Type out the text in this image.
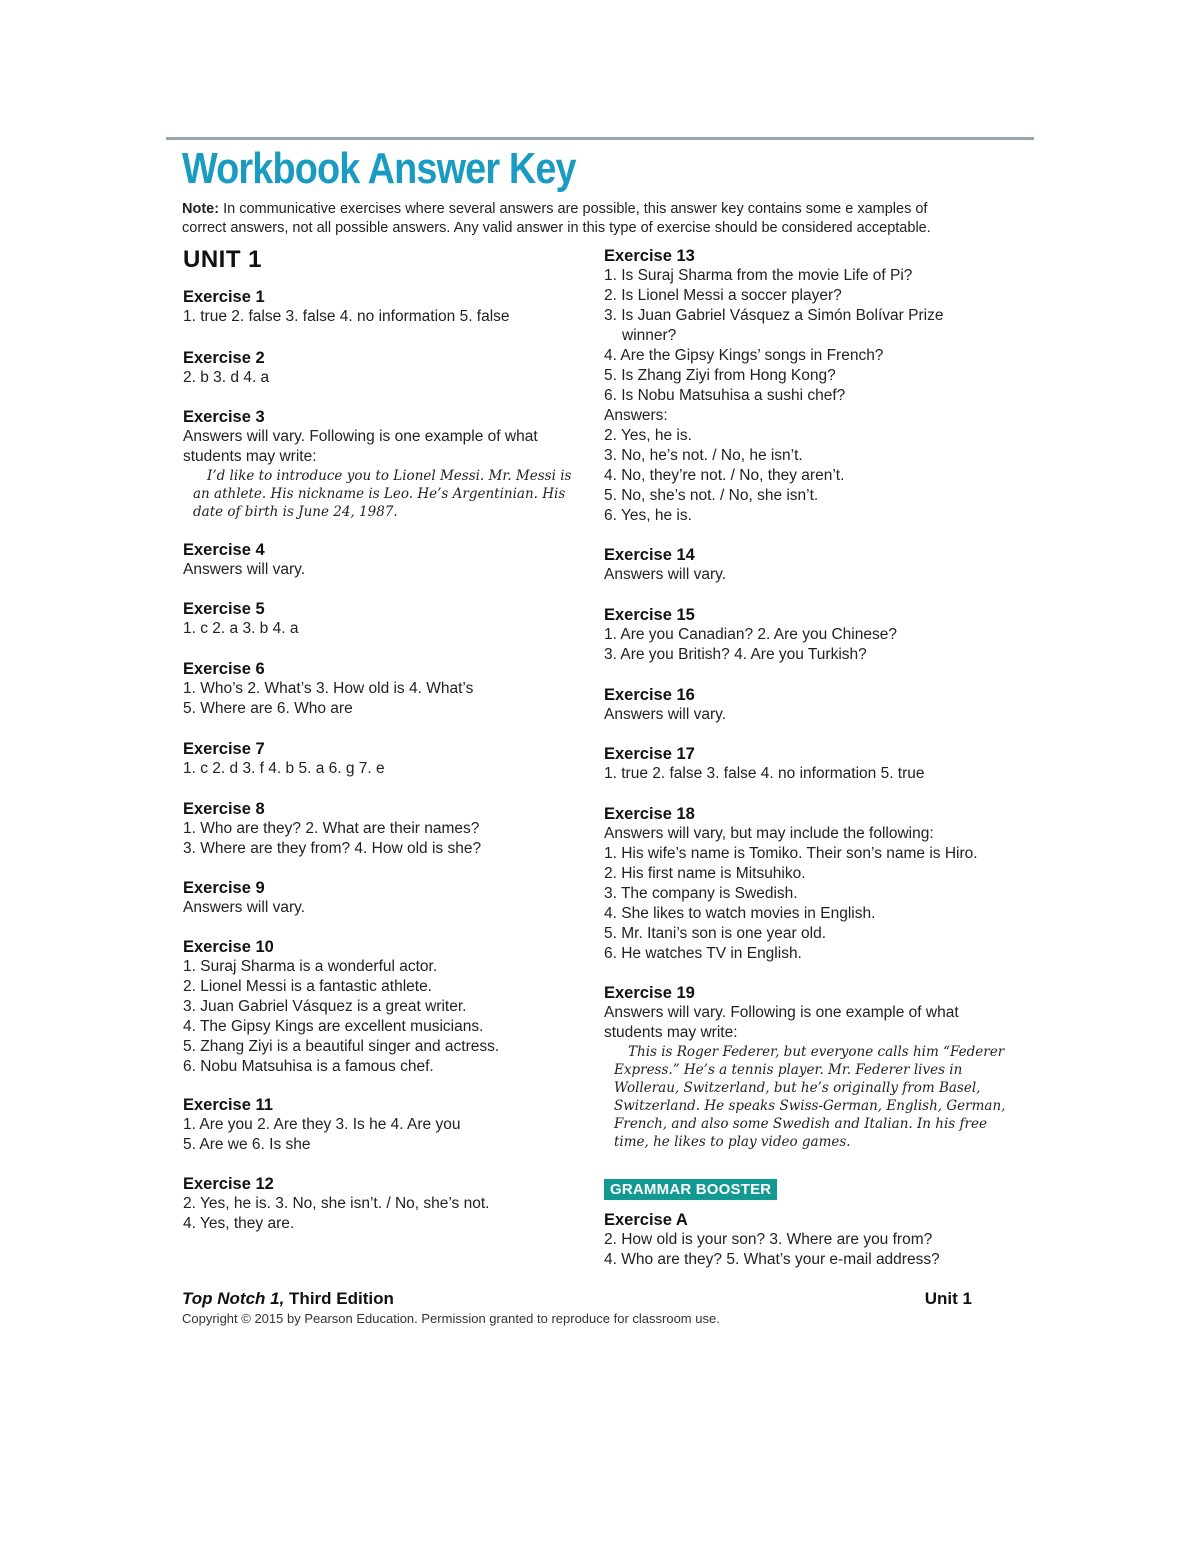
Workbook Answer Key
Note: In communicative exercises where several answers are possible, this answer key contains some e xamples of correct answers, not all possible answers. Any valid answer in this type of exercise should be considered acceptable.
UNIT 1
Exercise 1
1. true 2. false 3. false 4. no information 5. false
Exercise 2
2. b 3. d 4. a
Exercise 3
Answers will vary. Following is one example of what
students may write:
I’d like to introduce you to Lionel Messi. Mr. Messi is
an athlete. His nickname is Leo. He’s Argentinian. His
date of birth is June 24, 1987.
Exercise 4
Answers will vary.
Exercise 5
1. c 2. a 3. b 4. a
Exercise 6
1. Who’s 2. What’s 3. How old is 4. What’s
5. Where are 6. Who are
Exercise 7
1. c 2. d 3. f 4. b 5. a 6. g 7. e
Exercise 8
1. Who are they? 2. What are their names?
3. Where are they from? 4. How old is she?
Exercise 9
Answers will vary.
Exercise 10
1. Suraj Sharma is a wonderful actor.
2. Lionel Messi is a fantastic athlete.
3. Juan Gabriel Vásquez is a great writer.
4. The Gipsy Kings are excellent musicians.
5. Zhang Ziyi is a beautiful singer and actress.
6. Nobu Matsuhisa is a famous chef.
Exercise 11
1. Are you 2. Are they 3. Is he 4. Are you
5. Are we 6. Is she
Exercise 12
2. Yes, he is. 3. No, she isn’t. / No, she’s not.
4. Yes, they are.
Exercise 13
1. Is Suraj Sharma from the movie Life of Pi?
2. Is Lionel Messi a soccer player?
3. Is Juan Gabriel Vásquez a Simón Bolívar Prize
winner?
4. Are the Gipsy Kings’ songs in French?
5. Is Zhang Ziyi from Hong Kong?
6. Is Nobu Matsuhisa a sushi chef?
Answers:
2. Yes, he is.
3. No, he’s not. / No, he isn’t.
4. No, they’re not. / No, they aren’t.
5. No, she’s not. / No, she isn’t.
6. Yes, he is.
Exercise 14
Answers will vary.
Exercise 15
1. Are you Canadian? 2. Are you Chinese?
3. Are you British? 4. Are you Turkish?
Exercise 16
Answers will vary.
Exercise 17
1. true 2. false 3. false 4. no information 5. true
Exercise 18
Answers will vary, but may include the following:
1. His wife’s name is Tomiko. Their son’s name is Hiro.
2. His first name is Mitsuhiko.
3. The company is Swedish.
4. She likes to watch movies in English.
5. Mr. Itani’s son is one year old.
6. He watches TV in English.
Exercise 19
Answers will vary. Following is one example of what
students may write:
This is Roger Federer, but everyone calls him “Federer
Express.” He’s a tennis player. Mr. Federer lives in
Wollerau, Switzerland, but he’s originally from Basel,
Switzerland. He speaks Swiss-German, English, German,
French, and also some Swedish and Italian. In his free
time, he likes to play video games.
GRAMMAR BOOSTER
Exercise A
2. How old is your son? 3. Where are you from?
4. Who are they? 5. What’s your e-mail address?
Top Notch 1, Third Edition	Unit 1
Copyright © 2015 by Pearson Education. Permission granted to reproduce for classroom use.
